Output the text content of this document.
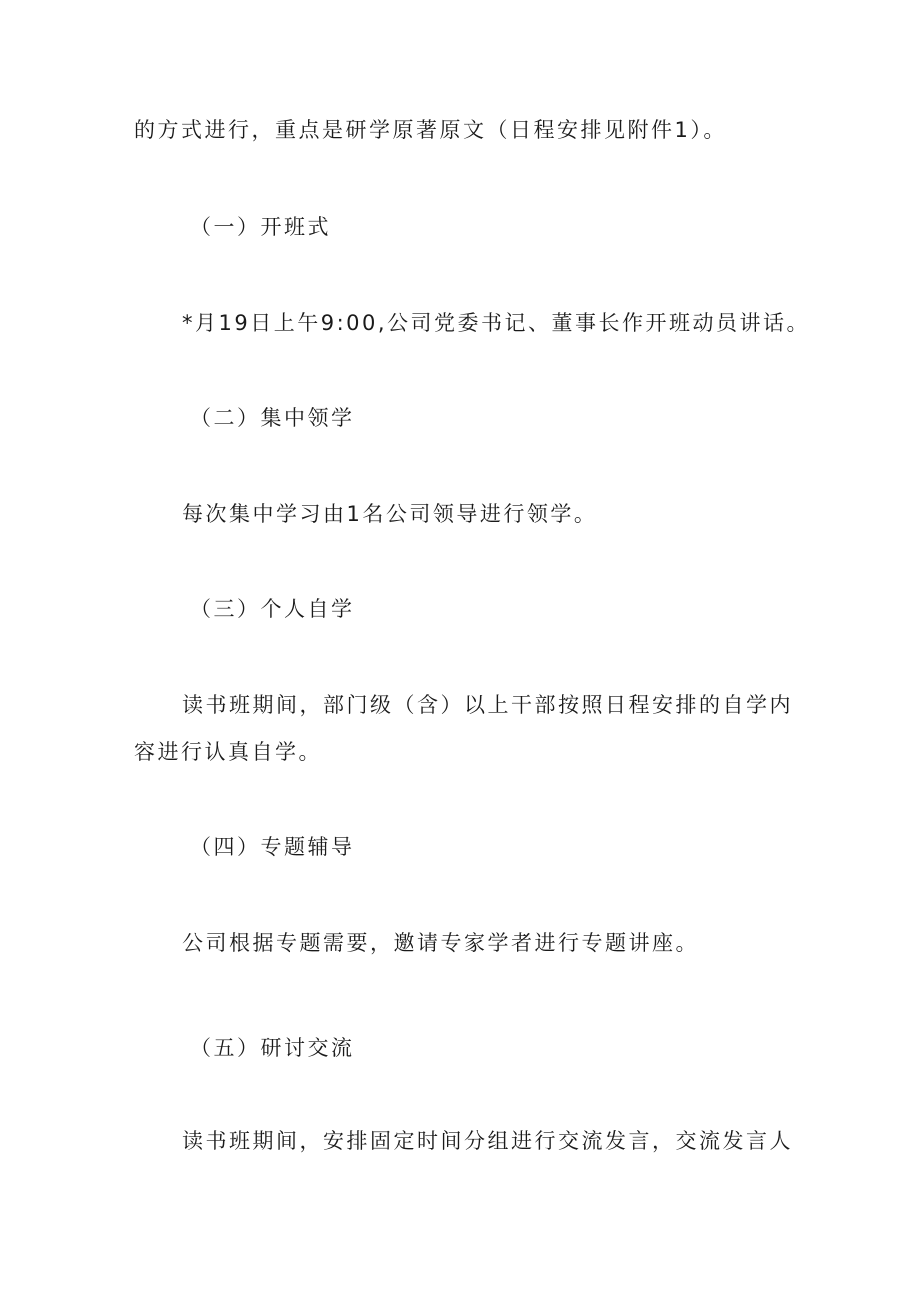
的方式进行，重点是研学原著原文（日程安排见附件1）。
（一）开班式
*月19日上午9:00,公司党委书记、董事长作开班动员讲话。
（二）集中领学
每次集中学习由1名公司领导进行领学。
（三）个人自学
读书班期间，部门级（含）以上干部按照日程安排的自学内
容进行认真自学。
（四）专题辅导
公司根据专题需要，邀请专家学者进行专题讲座。
（五）研讨交流
读书班期间，安排固定时间分组进行交流发言，交流发言人
